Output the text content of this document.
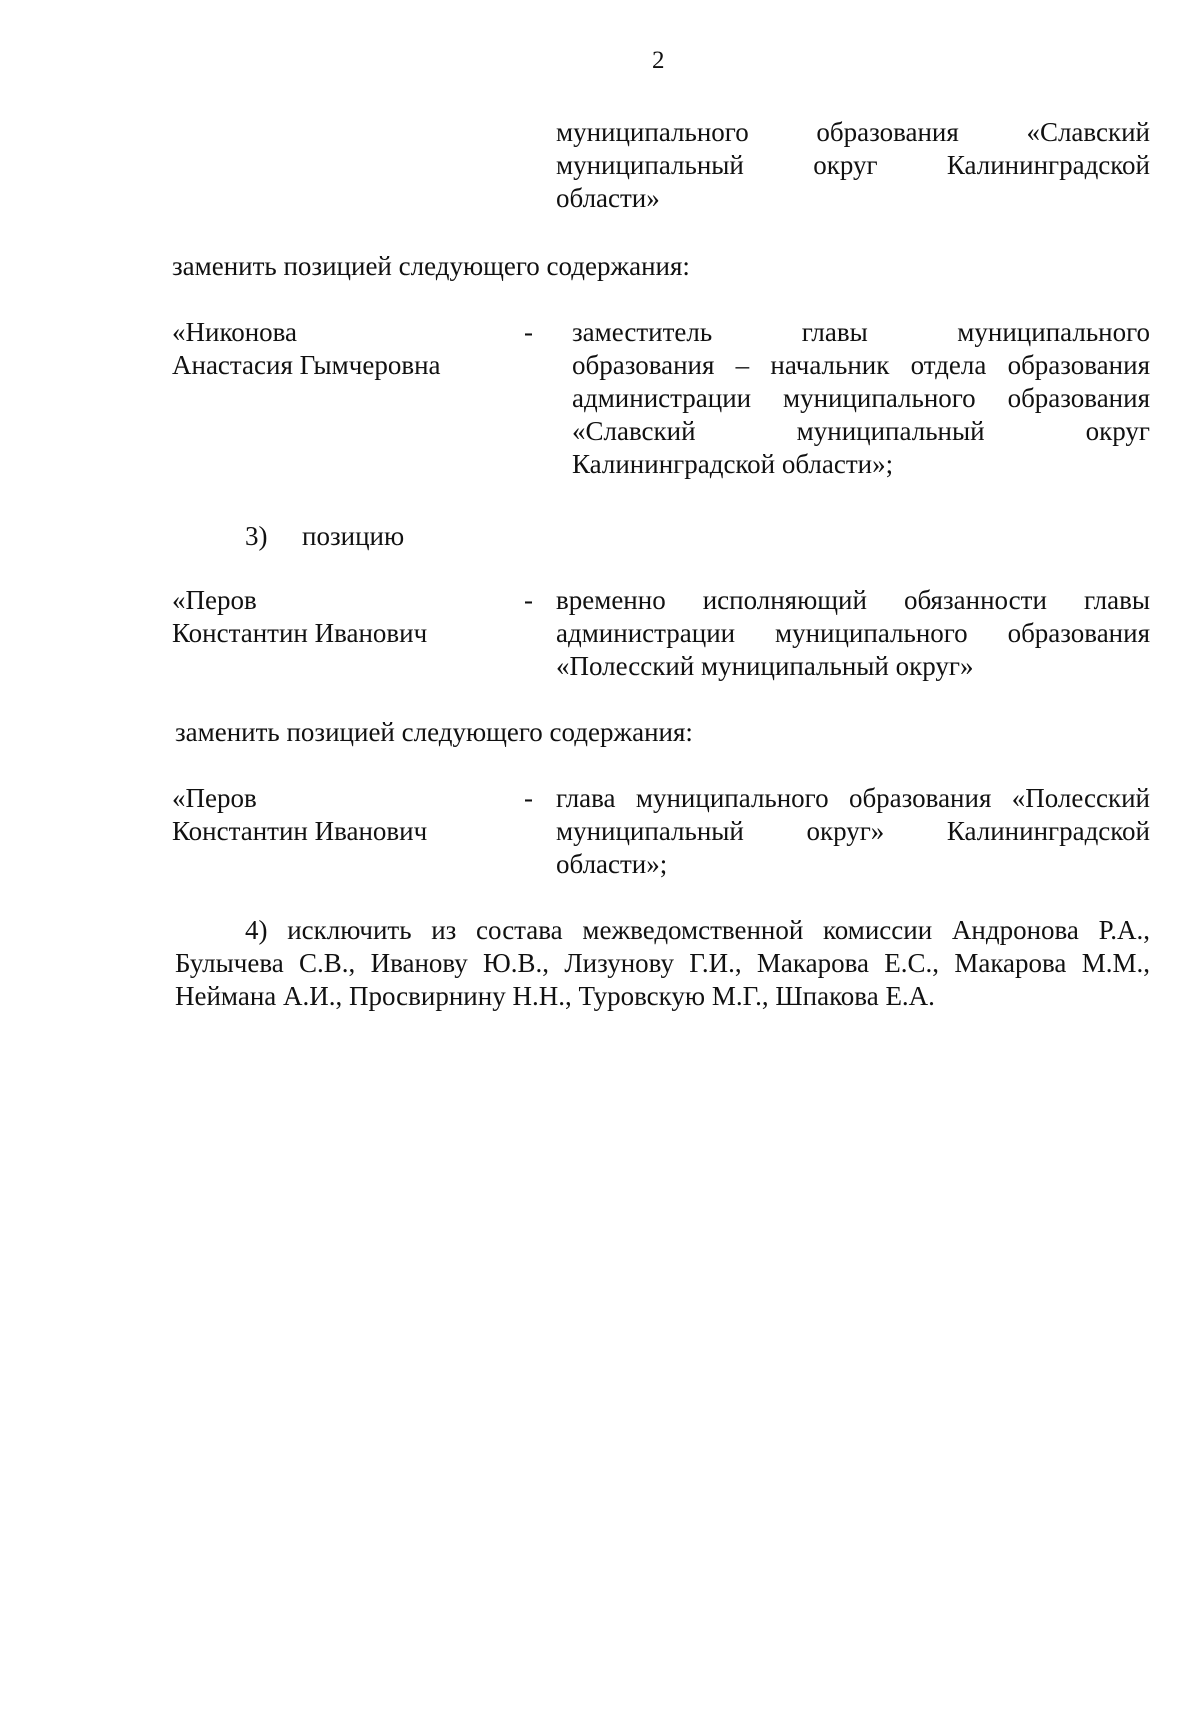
2
муниципального образования «Славский
муниципальный округ Калининградской
области»
заменить позицией следующего содержания:
«Никонова
Анастасия Гымчеровна
- заместитель главы муниципального
образования – начальник отдела образования
администрации муниципального образования
«Славский муниципальный округ
Калининградской области»;
3) позицию
«Перов
Константин Иванович
- временно исполняющий обязанности главы
администрации муниципального образования
«Полесский муниципальный округ»
заменить позицией следующего содержания:
«Перов
Константин Иванович
- глава муниципального образования «Полесский
муниципальный округ» Калининградской
области»;
4) исключить из состава межведомственной комиссии Андронова Р.А.,
Булычева С.В., Иванову Ю.В., Лизунову Г.И., Макарова Е.С., Макарова М.М.,
Неймана А.И., Просвирнину Н.Н., Туровскую М.Г., Шпакова Е.А.
